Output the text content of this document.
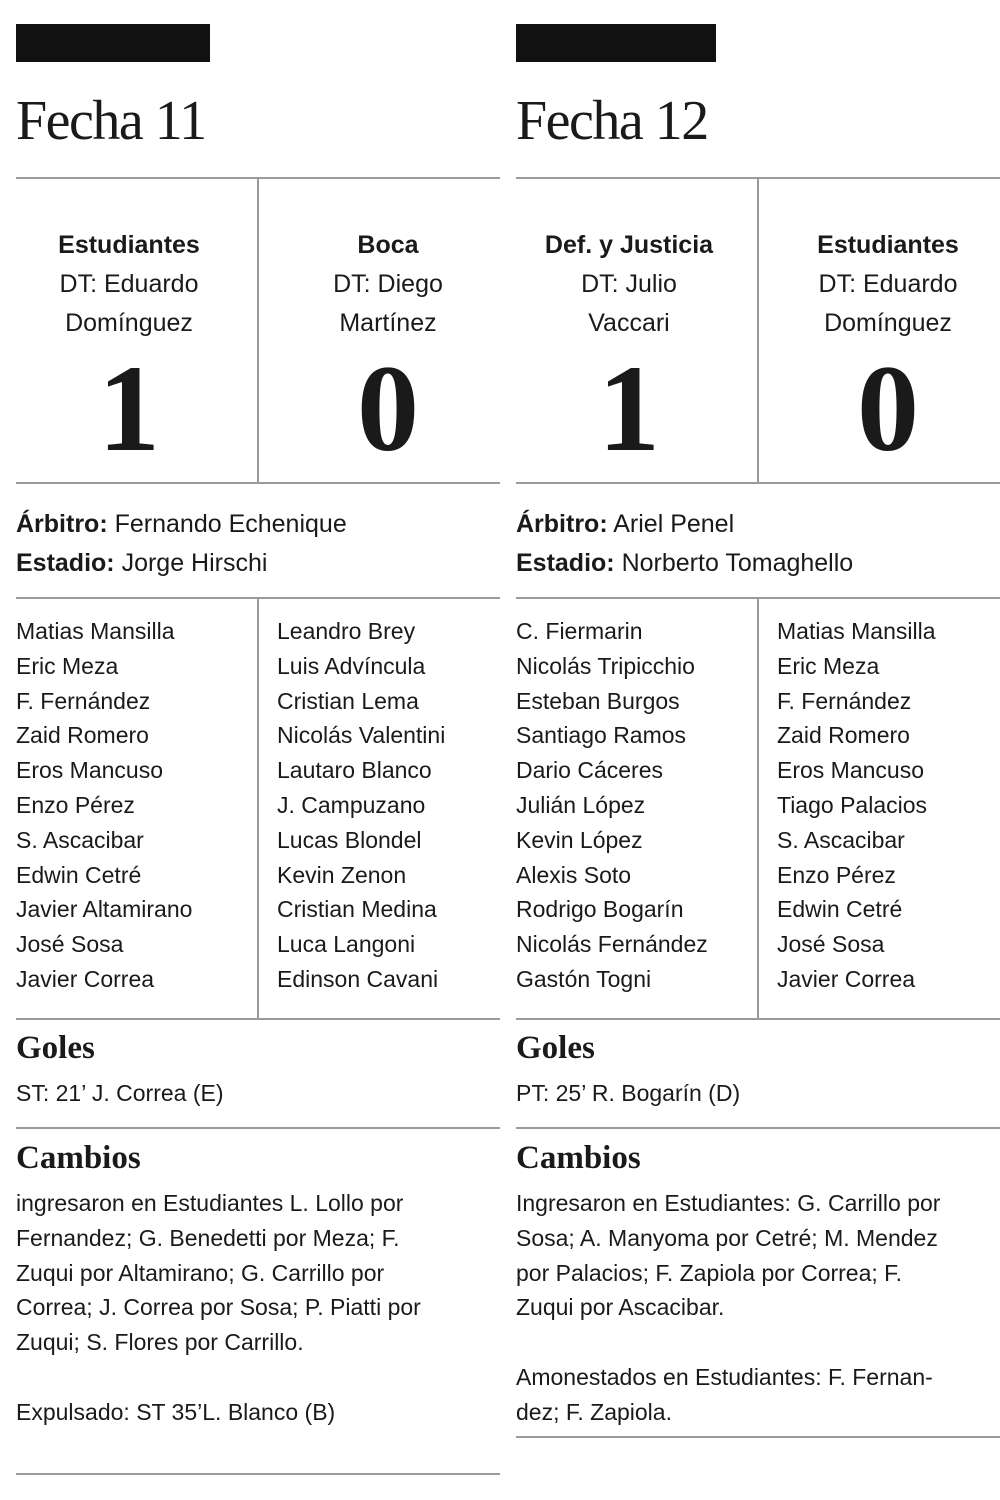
Fecha 11
Estudiantes
DT: Eduardo
Domínguez
1
Boca
DT: Diego
Martínez
0
Árbitro: Fernando Echenique
Estadio: Jorge Hirschi
Matias Mansilla
Eric Meza
F. Fernández
Zaid Romero
Eros Mancuso
Enzo Pérez
S. Ascacibar
Edwin Cetré
Javier Altamirano
José Sosa
Javier Correa
Leandro Brey
Luis Advíncula
Cristian Lema
Nicolás Valentini
Lautaro Blanco
J. Campuzano
Lucas Blondel
Kevin Zenon
Cristian Medina
Luca Langoni
Edinson Cavani
Goles
ST: 21’ J. Correa (E)
Cambios

ingresaron en Estudiantes L. Lollo por
Fernandez; G. Benedetti por Meza; F.
Zuqui por Altamirano; G. Carrillo por
Correa; J. Correa por Sosa; P. Piatti por
Zuqui; S. Flores por Carrillo.

Expulsado: ST 35’L. Blanco (B)

Fecha 12
Def. y Justicia
DT: Julio
Vaccari
1
Estudiantes
DT: Eduardo
Domínguez
0
Árbitro: Ariel Penel
Estadio: Norberto Tomaghello
C. Fiermarin
Nicolás Tripicchio
Esteban Burgos
Santiago Ramos
Dario Cáceres
Julián López
Kevin López
Alexis Soto
Rodrigo Bogarín
Nicolás Fernández
Gastón Togni
Matias Mansilla
Eric Meza
F. Fernández
Zaid Romero
Eros Mancuso
Tiago Palacios
S. Ascacibar
Enzo Pérez
Edwin Cetré
José Sosa
Javier Correa
Goles
PT: 25’ R. Bogarín (D)
Cambios

Ingresaron en Estudiantes: G. Carrillo por
Sosa; A. Manyoma por Cetré; M. Mendez
por Palacios; F. Zapiola por Correa; F.
Zuqui por Ascacibar.

Amonestados en Estudiantes: F. Fernan-
dez; F. Zapiola.
